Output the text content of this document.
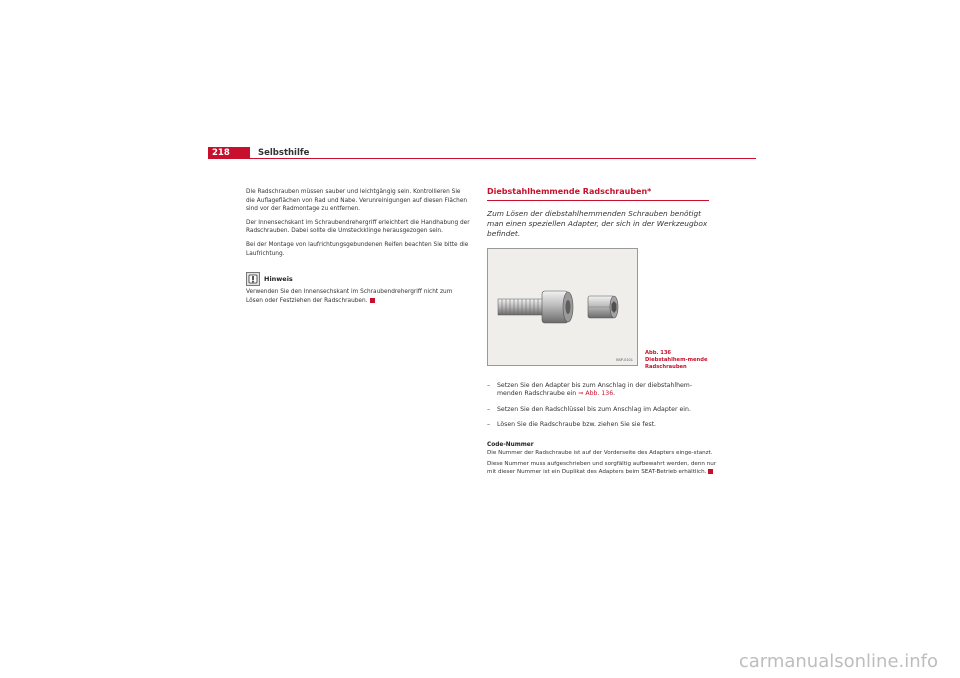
218	Selbsthilfe

Die Radschrauben müssen sauber und leichtgängig sein. Kontrollieren Sie die Auflageflächen von Rad und Nabe. Verunreinigungen auf diesen Flächen sind vor der Radmontage zu entfernen.

Der Innensechskant im Schraubendrehergriff erleichtert die Handhabung der Radschrauben. Dabei sollte die Umsteckklinge herausgezogen sein.

Bei der Montage von laufrichtungsgebundenen Reifen beachten Sie bitte die Laufrichtung.

Hinweis

Verwenden Sie den Innensechskant im Schraubendrehergriff nicht zum Lösen oder Festziehen der Radschrauben.

Diebstahlhemmende Radschrauben*
Zum Lösen der diebstahlhemmenden Schrauben benötigt man einen speziellen Adapter, der sich in der Werkzeugbox befindet.
BSP-0101
Abb. 136 Diebstahlhem-mende Radschrauben
–	Setzen Sie den Adapter bis zum Anschlag in der diebstahlhem-menden Radschraube ein ⇒ Abb. 136.
–	Setzen Sie den Radschlüssel bis zum Anschlag im Adapter ein.
–	Lösen Sie die Radschraube bzw. ziehen Sie sie fest.
Code-Nummer

Die Nummer der Radschraube ist auf der Vorderseite des Adapters einge-stanzt.

Diese Nummer muss aufgeschrieben und sorgfältig aufbewahrt werden, denn nur mit dieser Nummer ist ein Duplikat des Adapters beim SEAT-Betrieb erhältlich.

carmanualsonline.info
